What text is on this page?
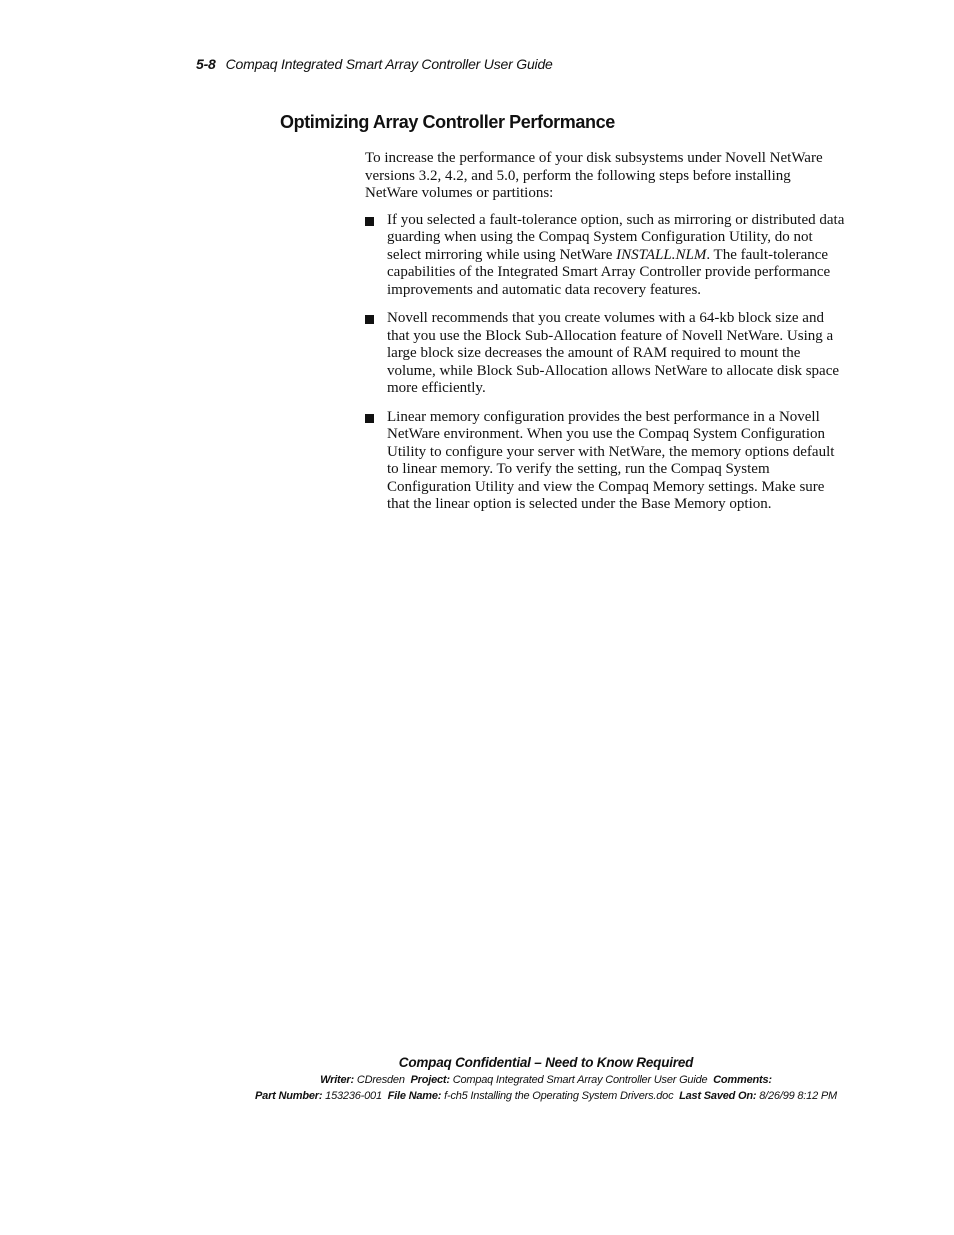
5-8 Compaq Integrated Smart Array Controller User Guide
Optimizing Array Controller Performance

To increase the performance of your disk subsystems under Novell NetWare versions 3.2, 4.2, and 5.0, perform the following steps before installing NetWare volumes or partitions:

If you selected a fault-tolerance option, such as mirroring or distributed data guarding when using the Compaq System Configuration Utility, do not select mirroring while using NetWare INSTALL.NLM. The fault-tolerance capabilities of the Integrated Smart Array Controller provide performance improvements and automatic data recovery features.
Novell recommends that you create volumes with a 64-kb block size and that you use the Block Sub-Allocation feature of Novell NetWare. Using a large block size decreases the amount of RAM required to mount the volume, while Block Sub-Allocation allows NetWare to allocate disk space more efficiently.
Linear memory configuration provides the best performance in a Novell NetWare environment. When you use the Compaq System Configuration Utility to configure your server with NetWare, the memory options default to linear memory. To verify the setting, run the Compaq System Configuration Utility and view the Compaq Memory settings. Make sure that the linear option is selected under the Base Memory option.
Compaq Confidential – Need to Know Required
Writer: CDresden Project: Compaq Integrated Smart Array Controller User Guide Comments:
Part Number: 153236-001 File Name: f-ch5 Installing the Operating System Drivers.doc Last Saved On: 8/26/99 8:12 PM
